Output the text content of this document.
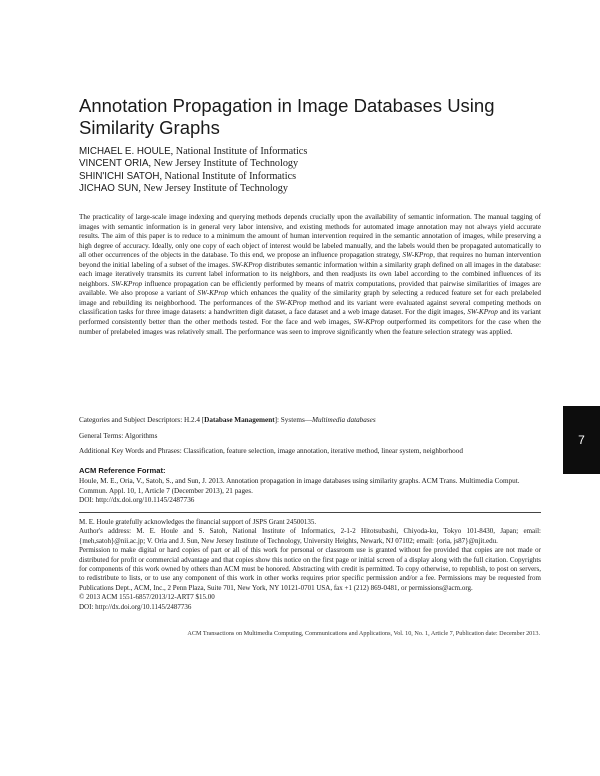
Annotation Propagation in Image Databases Using Similarity Graphs
MICHAEL E. HOULE, National Institute of Informatics
VINCENT ORIA, New Jersey Institute of Technology
SHIN'ICHI SATOH, National Institute of Informatics
JICHAO SUN, New Jersey Institute of Technology

The practicality of large-scale image indexing and querying methods depends crucially upon the availability of semantic information. The manual tagging of images with semantic information is in general very labor intensive, and existing methods for automated image annotation may not always yield accurate results. The aim of this paper is to reduce to a minimum the amount of human intervention required in the semantic annotation of images, while preserving a high degree of accuracy. Ideally, only one copy of each object of interest would be labeled manually, and the labels would then be propagated automatically to all other occurrences of the objects in the database. To this end, we propose an influence propagation strategy, SW-KProp, that requires no human intervention beyond the initial labeling of a subset of the images. SW-KProp distributes semantic information within a similarity graph defined on all images in the database: each image iteratively transmits its current label information to its neighbors, and then readjusts its own label according to the combined influences of its neighbors. SW-KProp influence propagation can be efficiently performed by means of matrix computations, provided that pairwise similarities of images are available. We also propose a variant of SW-KProp which enhances the quality of the similarity graph by selecting a reduced feature set for each prelabeled image and rebuilding its neighborhood. The performances of the SW-KProp method and its variant were evaluated against several competing methods on classification tasks for three image datasets: a handwritten digit dataset, a face dataset and a web image dataset. For the digit images, SW-KProp and its variant performed consistently better than the other methods tested. For the face and web images, SW-KProp outperformed its competitors for the case when the number of prelabeled images was relatively small. The performance was seen to improve significantly when the feature selection strategy was applied.

Categories and Subject Descriptors: H.2.4 [Database Management]: Systems—Multimedia databases

General Terms: Algorithms

Additional Key Words and Phrases: Classification, feature selection, image annotation, iterative method, linear system, neighborhood

ACM Reference Format:

Houle, M. E., Oria, V., Satoh, S., and Sun, J. 2013. Annotation propagation in image databases using similarity graphs. ACM Trans. Multimedia Comput. Commun. Appl. 10, 1, Article 7 (December 2013), 21 pages.
DOI: http://dx.doi.org/10.1145/2487736

M. E. Houle gratefully acknowledges the financial support of JSPS Grant 24500135.

Author's address: M. E. Houle and S. Satoh, National Institute of Informatics, 2-1-2 Hitotsubashi, Chiyoda-ku, Tokyo 101-8430, Japan; email: {meh,satoh}@nii.ac.jp; V. Oria and J. Sun, New Jersey Institute of Technology, University Heights, Newark, NJ 07102; email: {oria, js87}@njit.edu.

Permission to make digital or hard copies of part or all of this work for personal or classroom use is granted without fee provided that copies are not made or distributed for profit or commercial advantage and that copies show this notice on the first page or initial screen of a display along with the full citation. Copyrights for components of this work owned by others than ACM must be honored. Abstracting with credit is permitted. To copy otherwise, to republish, to post on servers, to redistribute to lists, or to use any component of this work in other works requires prior specific permission and/or a fee. Permissions may be requested from Publications Dept., ACM, Inc., 2 Penn Plaza, Suite 701, New York, NY 10121-0701 USA, fax +1 (212) 869-0481, or permissions@acm.org.

© 2013 ACM 1551-6857/2013/12-ART7 $15.00

DOI: http://dx.doi.org/10.1145/2487736

ACM Transactions on Multimedia Computing, Communications and Applications, Vol. 10, No. 1, Article 7, Publication date: December 2013.
7
